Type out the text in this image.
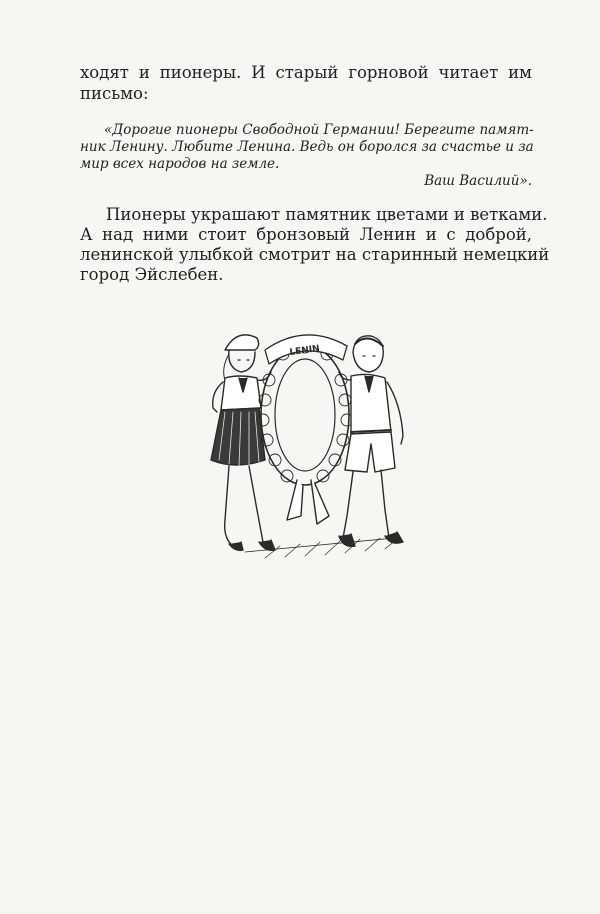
ходят и пионеры. И старый горновой читает им
письмо:
«Дорогие пионеры Свободной Германии! Берегите памят-
ник Ленину. Любите Ленина. Ведь он боролся за счастье и за
мир всех народов на земле.
Ваш Василий».
Пионеры украшают памятник цветами и ветками.
А над ними стоит бронзовый Ленин и с доброй,
ленинской улыбкой смотрит на старинный немецкий
город Эйслебен.
LENIN
